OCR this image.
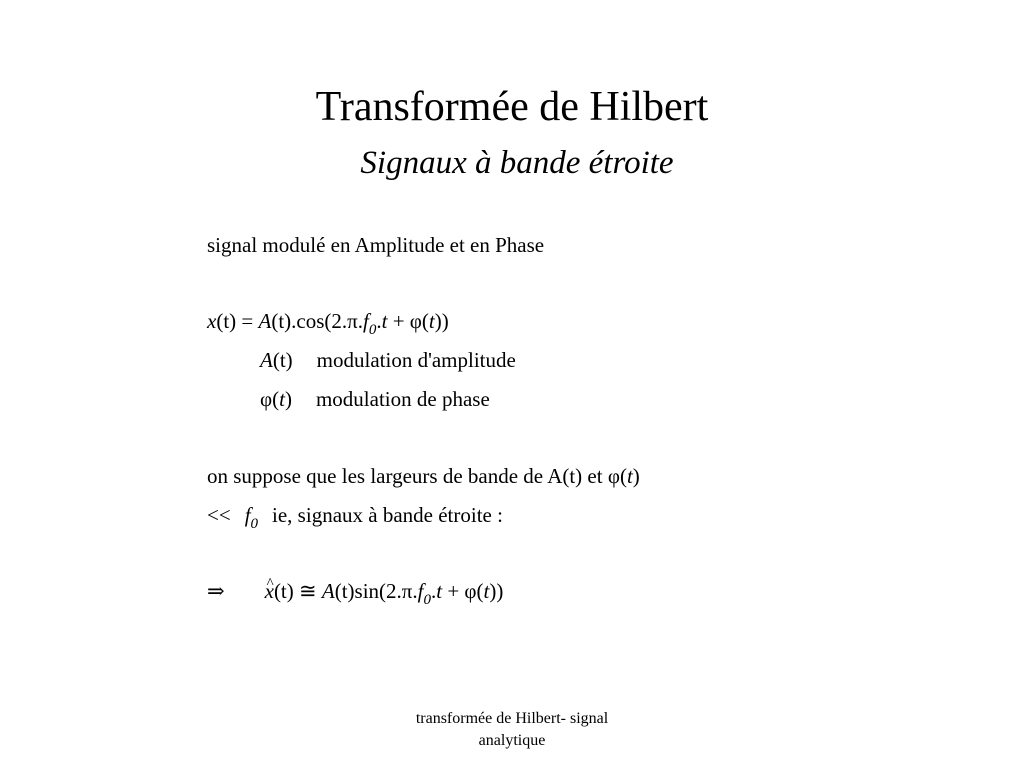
Transformée de Hilbert
Signaux à bande étroite
signal modulé en Amplitude et en Phase
$x(t) = A(t).\cos(2.\pi.f_0.t + \varphi(t))$
A(t) modulation d'amplitude
φ(t) modulation de phase
on suppose que les largeurs de bande de A(t) et φ(t)
<< $f_0$ ie, signaux à bande étroite :
⇒^ x(t) ≅ $A(t)\sin(2.\pi.f_0.t + \varphi(t))$
transformée de Hilbert- signal
analytique
